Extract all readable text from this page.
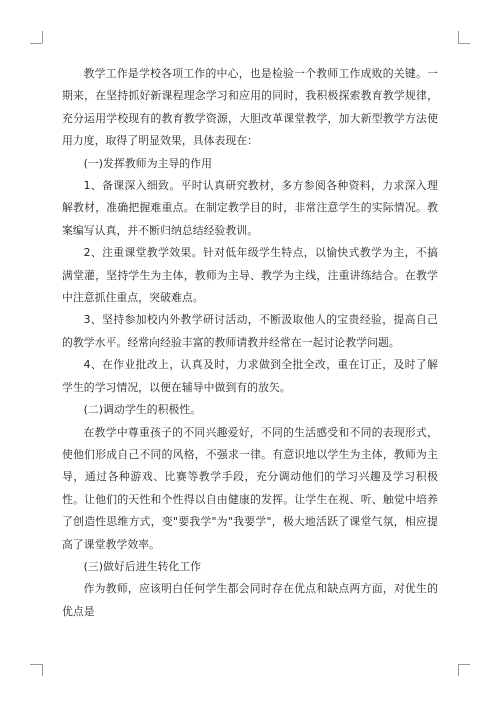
教学工作是学校各项工作的中心，也是检验一个教师工作成败的关键。一期来，在坚持抓好新课程理念学习和应用的同时，我积极探索教育教学规律，充分运用学校现有的教育教学资源，大胆改革课堂教学，加大新型教学方法使用力度，取得了明显效果，具体表现在：

(一)发挥教师为主导的作用

1、备课深入细致。平时认真研究教材，多方参阅各种资料，力求深入理解教材，准确把握难重点。在制定教学目的时，非常注意学生的实际情况。教案编写认真，并不断归纳总结经验教训。

2、注重课堂教学效果。针对低年级学生特点，以愉快式教学为主，不搞满堂灌，坚持学生为主体，教师为主导、教学为主线，注重讲练结合。在教学中注意抓住重点，突破难点。

3、坚持参加校内外教学研讨活动，不断汲取他人的宝贵经验，提高自己的教学水平。经常向经验丰富的教师请教并经常在一起讨论教学问题。

4、在作业批改上，认真及时，力求做到全批全改，重在订正，及时了解学生的学习情况，以便在辅导中做到有的放矢。

(二)调动学生的积极性。

在教学中尊重孩子的不同兴趣爱好，不同的生活感受和不同的表现形式，使他们形成自己不同的风格，不强求一律。有意识地以学生为主体，教师为主导，通过各种游戏、比赛等教学手段，充分调动他们的学习兴趣及学习积极性。让他们的天性和个性得以自由健康的发挥。让学生在视、听、触觉中培养了创造性思维方式，变"要我学"为"我要学"，极大地活跃了课堂气氛，相应提高了课堂教学效率。

(三)做好后进生转化工作

作为教师，应该明白任何学生都会同时存在优点和缺点两方面，对优生的优点是
